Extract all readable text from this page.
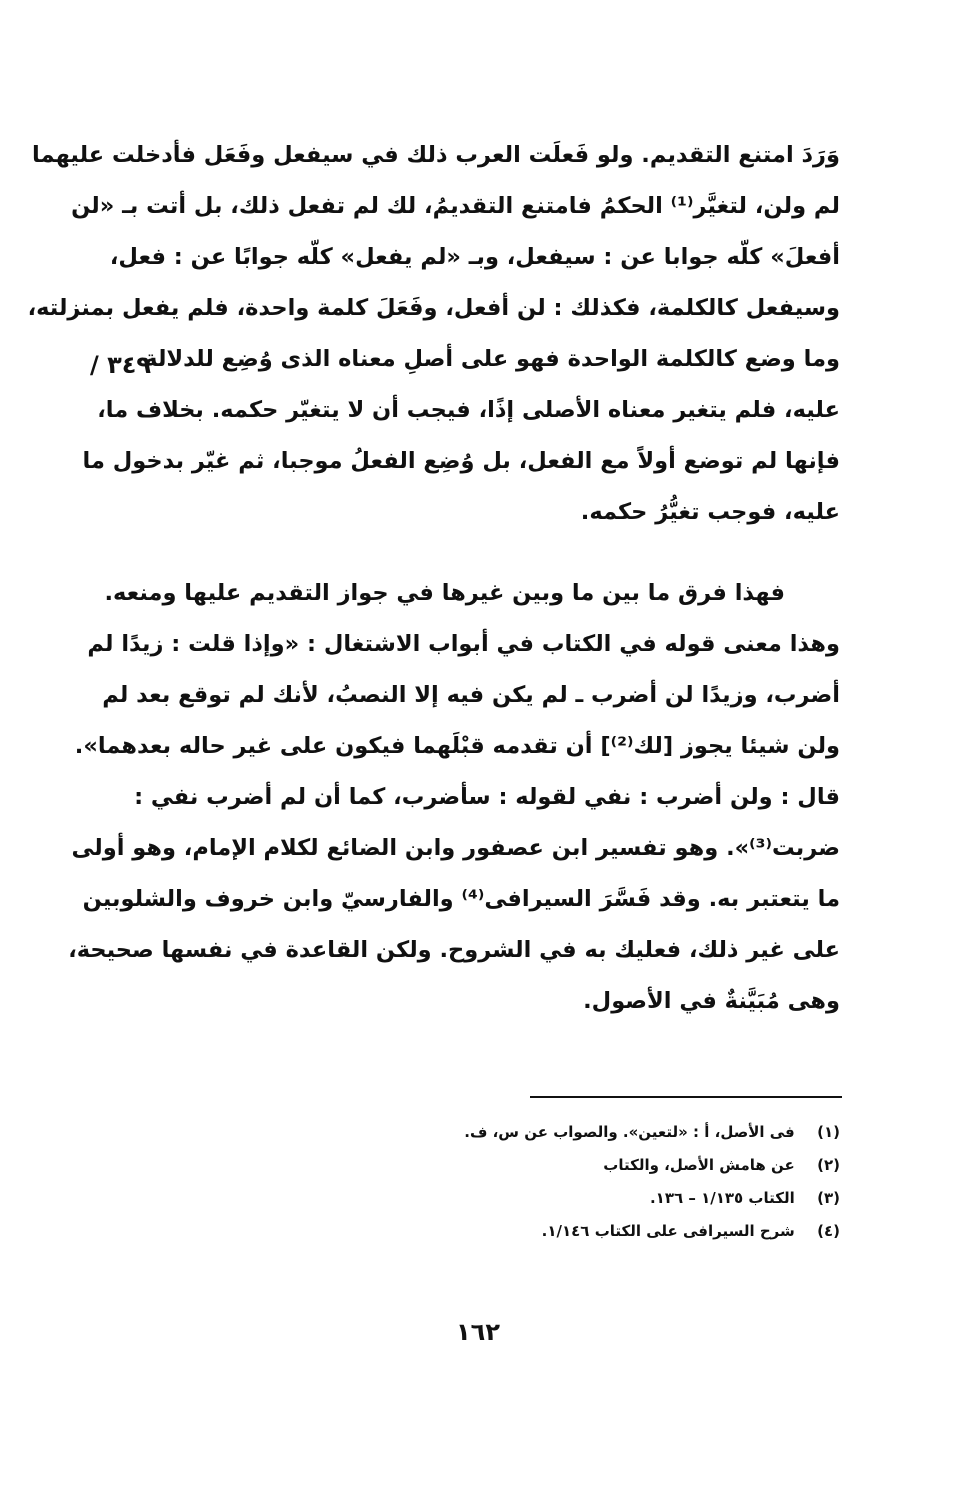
وَرَدَ امتنع التقديم. ولو فَعلَت العرب ذلك في سيفعل وفَعَل فأدخلت عليهما
لم ولن، لتغيَّر⁽¹⁾ الحكمُ فامتنع التقديمُ، لك لم تفعل ذلك، بل أتت بـ «لن
أفعلَ» كلّه جوابا عن : سيفعل، وبـ «لم يفعل» كلّه جوابًا عن : فعل،
وسيفعل كالكلمة، فكذلك : لن أفعل، وفَعَلَ كلمة واحدة، فلم يفعل بمنزلته،
وما وضع كالكلمة الواحدة فهو على أصلِ معناه الذى وُضِع للدلالة
عليه، فلم يتغير معناه الأصلى إذًا، فيجب أن لا يتغيّر حكمه. بخلاف ما،
فإنها لم توضع أولاً مع الفعل، بل وُضِع الفعلُ موجبا، ثم غيّر بدخول ما
عليه، فوجب تغيُّرُ حكمه.
فهذا فرق ما بين ما وبين غيرها في جواز التقديم عليها ومنعه.
وهذا معنى قوله في الكتاب في أبواب الاشتغال : «وإذا قلت : زيدًا لم
أضرب، وزيدًا لن أضرب ـ لم يكن فيه إلا النصبُ، لأنك لم توقع بعد لم
ولن شيئا يجوز [لك⁽²⁾] أن تقدمه قبْلَهما فيكون على غير حاله بعدهما».
قال : ولن أضرب : نفي لقوله : سأضرب، كما أن لم أضرب نفي :
ضربت⁽³⁾». وهو تفسير ابن عصفور وابن الضائع لكلام الإمام، وهو أولى
ما يتعتبر به. وقد فَسَّرَ السيرافى⁽⁴⁾ والفارسيّ وابن خروف والشلوبين
على غير ذلك، فعليك به في الشروح. ولكن القاعدة في نفسها صحيحة،
وهى مُبَيَّنةٌ في الأصول.
٣٤٩ /
(١) فى الأصل، أ : «لتعين». والصواب عن س، ف.
(٢) عن هامش الأصل، والكتاب
(٣) الكتاب ١/١٣٥ – ١٣٦.
(٤) شرح السيرافى على الكتاب ١/١٤٦.
١٦٢
